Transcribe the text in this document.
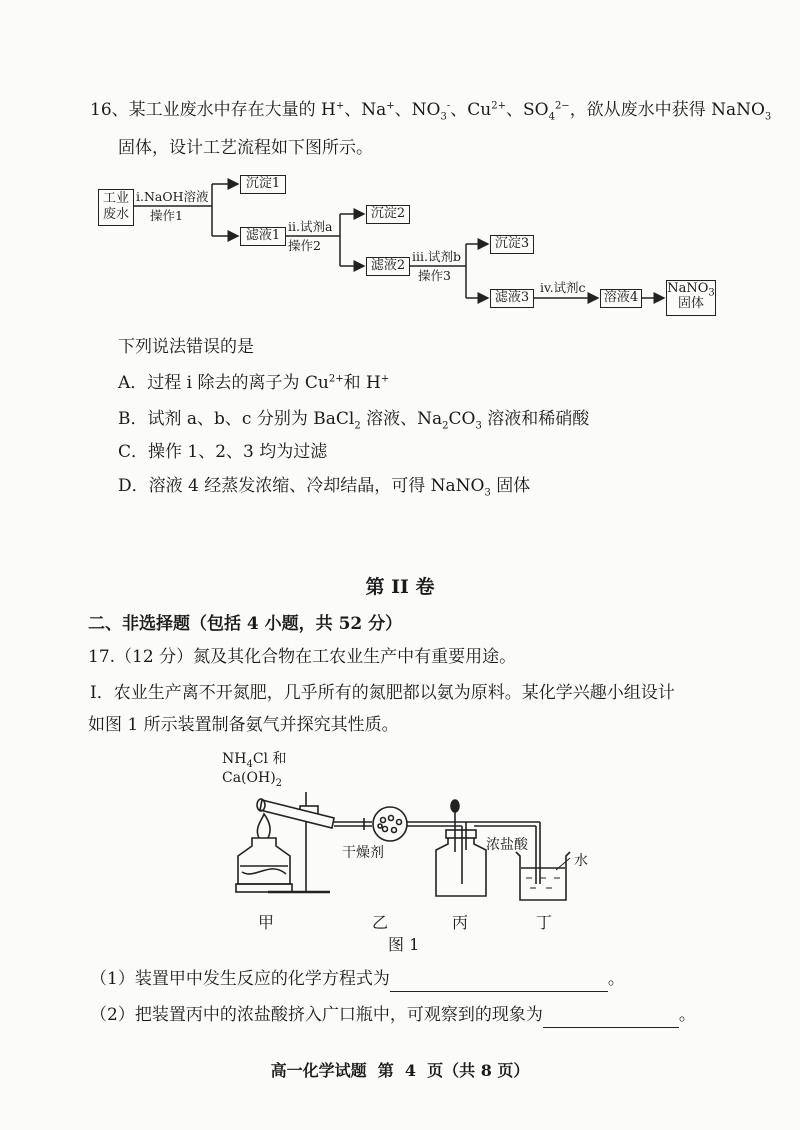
16、某工业废水中存在大量的 H+、Na+、$NO_3^-$、$Cu^{2+}$、$SO_4^{2-}$，欲从废水中获得 NaNO$_3$
固体，设计工艺流程如下图所示。
工业废水
i.NaOH溶液
操作1
沉淀1
滤液1
ii.试剂a
操作2
沉淀2
滤液2
iii.试剂b
操作3
沉淀3
滤液3
iv.试剂c
溶液4
NaNO$_3$
固体
下列说法错误的是
A．过程 i 除去的离子为 $Cu^{2+}$和 H+
B．试剂 a、b、c 分别为 BaCl$_2$ 溶液、$Na_2CO_3$ 溶液和稀硝酸
C．操作 1、2、3 均为过滤
D．溶液 4 经蒸发浓缩、冷却结晶，可得 NaNO$_3$ 固体
第 II 卷
二、非选择题（包括 4 小题，共 52 分）
17.（12 分）氮及其化合物在工农业生产中有重要用途。
Ⅰ．农业生产离不开氮肥，几乎所有的氮肥都以氨为原料。某化学兴趣小组设计
如图 1 所示装置制备氨气并探究其性质。
$NH_4Cl$ 和
$Ca(OH)_2$
干燥剂	浓盐酸
水
甲	乙	丙	丁
图 1
（1）装置甲中发生反应的化学方程式为	。
（2）把装置丙中的浓盐酸挤入广口瓶中，可观察到的现象为	。
高一化学试题  第  4  页（共 8 页）
